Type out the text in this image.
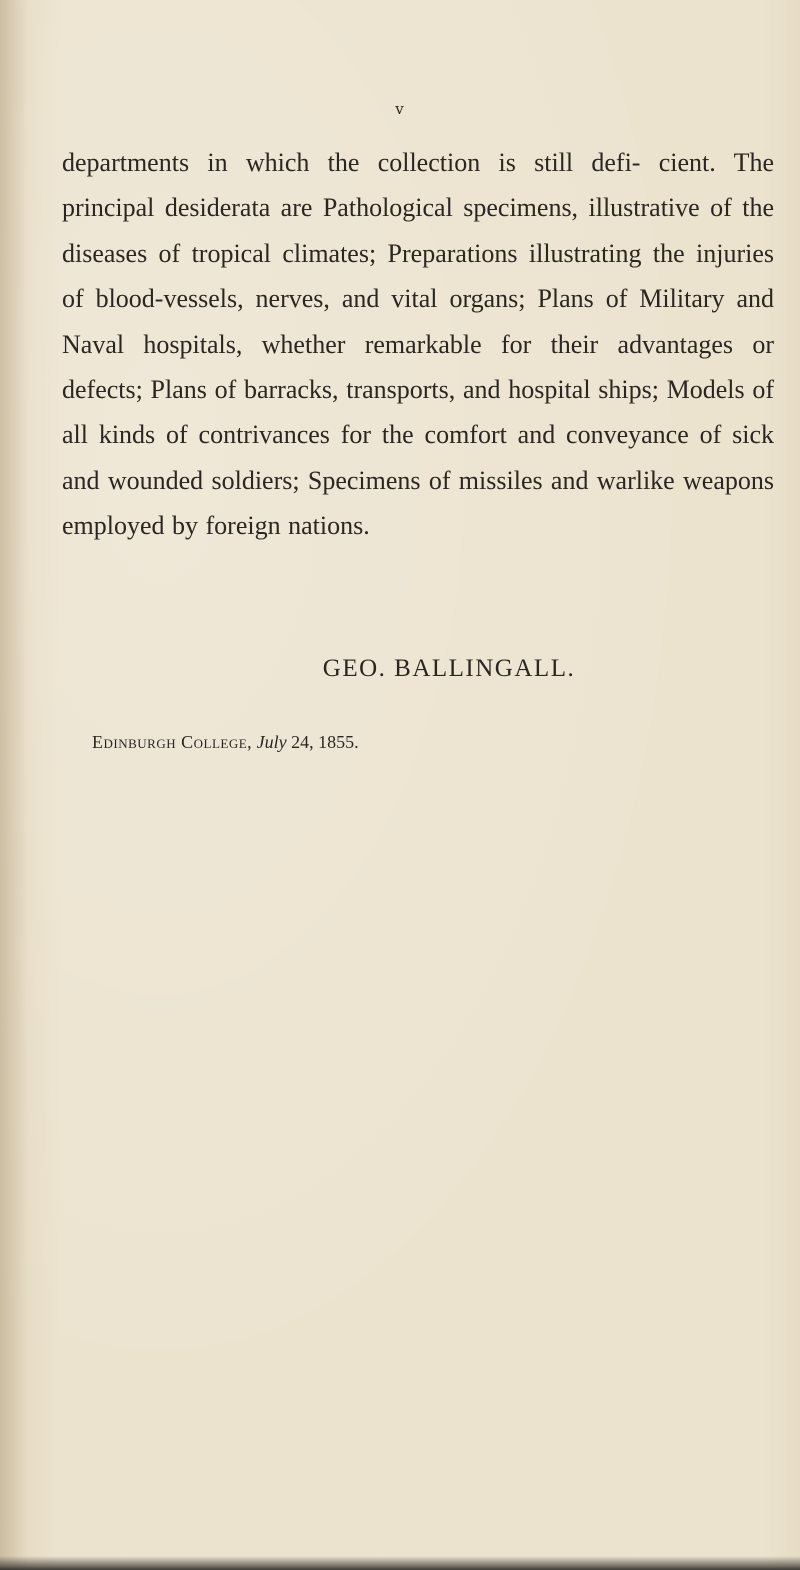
v

departments in which the collection is still defi- cient. The principal desiderata are Pathological specimens, illustrative of the diseases of tropical climates; Preparations illustrating the injuries of blood-vessels, nerves, and vital organs; Plans of Military and Naval hospitals, whether remarkable for their advantages or defects; Plans of barracks, transports, and hospital ships; Models of all kinds of contrivances for the comfort and conveyance of sick and wounded soldiers; Specimens of missiles and warlike weapons employed by foreign nations.

GEO. BALLINGALL.
Edinburgh College, July 24, 1855.
